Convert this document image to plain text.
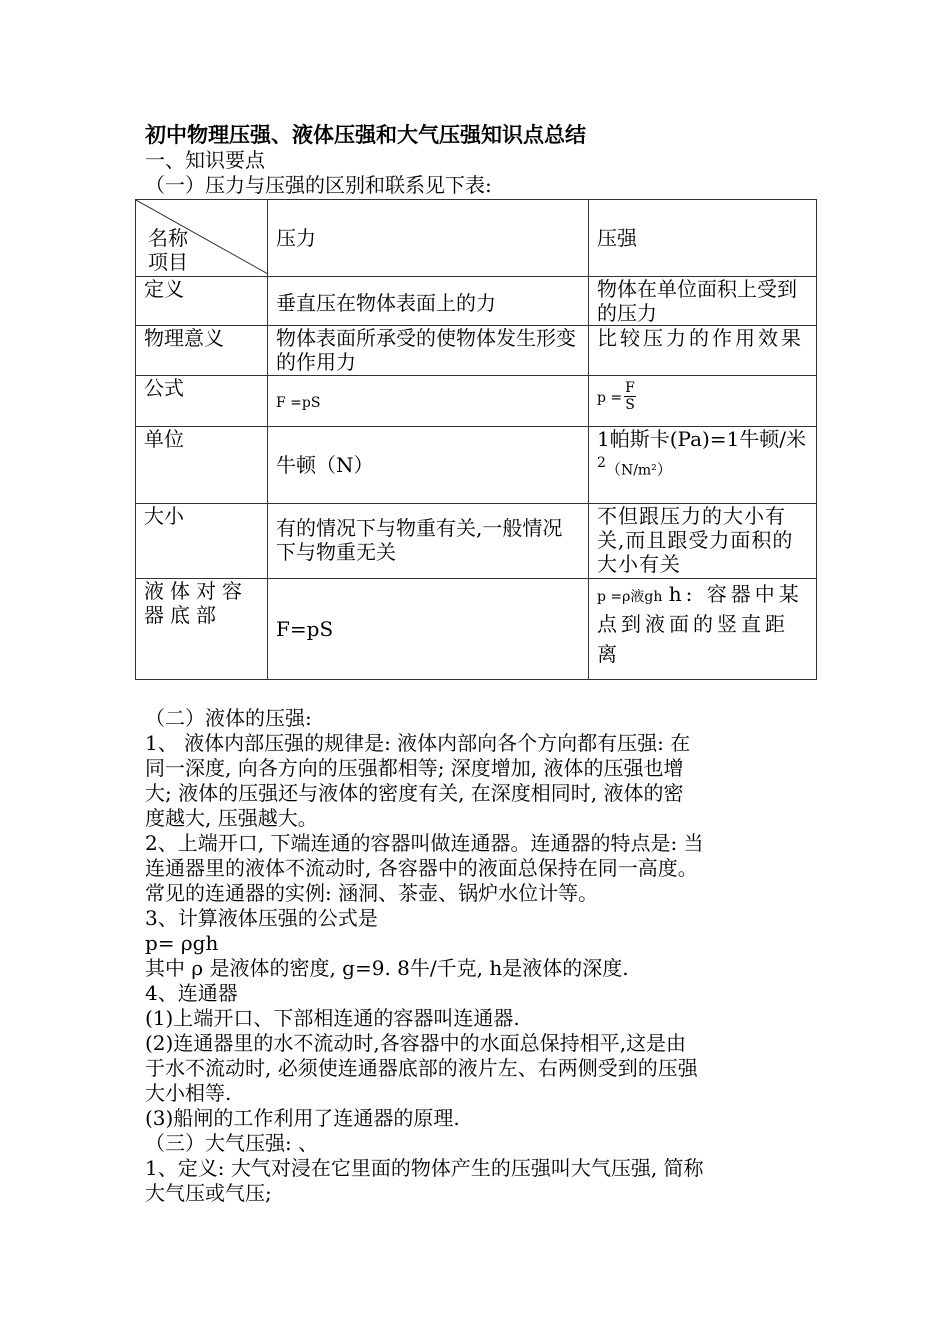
初中物理压强、液体压强和大气压强知识点总结
一、知识要点
（一）压力与压强的区别和联系见下表:
名称
项目	压力	压强
定义	垂直压在物体表面上的力	物体在单位面积上受到的压力
物理意义	物体表面所承受的使物体发生形变的作用力	比较压力的作用效果
公式	F =pS	$p = \frac{F}{S}$

单位	牛顿（N）	1帕斯卡(Pa)=1牛顿/米$^2$（N/m²）
大小	有的情况下与物重有关,一般情况下与物重无关	不但跟压力的大小有关,而且跟受力面积的大小有关
液体对容器底部	F=pS	p =ρ液gh h: 容器中某点到液面的竖直距离
（二）液体的压强:
1、 液体内部压强的规律是: 液体内部向各个方向都有压强: 在
同一深度, 向各方向的压强都相等; 深度增加, 液体的压强也增
大; 液体的压强还与液体的密度有关, 在深度相同时, 液体的密
度越大, 压强越大。
2、上端开口, 下端连通的容器叫做连通器。连通器的特点是: 当
连通器里的液体不流动时, 各容器中的液面总保持在同一高度。
常见的连通器的实例: 涵洞、茶壶、锅炉水位计等。
3、计算液体压强的公式是
p= ρgh
其中 ρ 是液体的密度, g=9. 8牛/千克, h是液体的深度.
4、连通器
(1)上端开口、下部相连通的容器叫连通器.
(2)连通器里的水不流动时,各容器中的水面总保持相平,这是由
于水不流动时, 必须使连通器底部的液片左、右两侧受到的压强
大小相等.
(3)船闸的工作利用了连通器的原理.
（三）大气压强: 、
1、定义: 大气对浸在它里面的物体产生的压强叫大气压强, 简称
大气压或气压;
